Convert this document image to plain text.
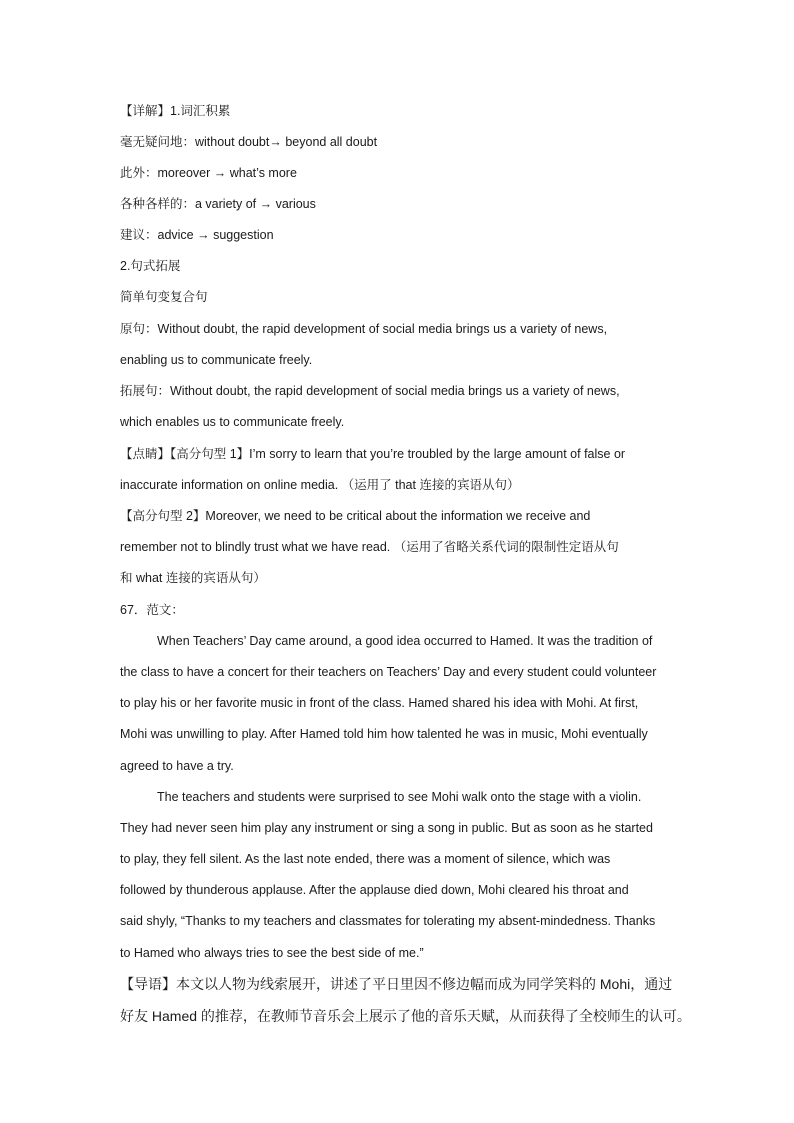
【详解】1.词汇积累
毫无疑问地：without doubt→ beyond all doubt
此外：moreover → what’s more
各种各样的：a variety of → various
建议：advice → suggestion
2.句式拓展
简单句变复合句
原句：Without doubt, the rapid development of social media brings us a variety of news,
enabling us to communicate freely.
拓展句：Without doubt, the rapid development of social media brings us a variety of news,
which enables us to communicate freely.
【点睛】【高分句型 1】I’m sorry to learn that you’re troubled by the large amount of false or
inaccurate information on online media. （运用了 that 连接的宾语从句）
【高分句型 2】Moreover, we need to be critical about the information we receive and
remember not to blindly trust what we have read. （运用了省略关系代词的限制性定语从句
和 what 连接的宾语从句）
67．范文：
When Teachers’ Day came around, a good idea occurred to Hamed. It was the tradition of
the class to have a concert for their teachers on Teachers’ Day and every student could volunteer
to play his or her favorite music in front of the class. Hamed shared his idea with Mohi. At first,
Mohi was unwilling to play. After Hamed told him how talented he was in music, Mohi eventually
agreed to have a try.
The teachers and students were surprised to see Mohi walk onto the stage with a violin.
They had never seen him play any instrument or sing a song in public. But as soon as he started
to play, they fell silent. As the last note ended, there was a moment of silence, which was
followed by thunderous applause. After the applause died down, Mohi cleared his throat and
said shyly, “Thanks to my teachers and classmates for tolerating my absent-mindedness. Thanks
to Hamed who always tries to see the best side of me.”
【导语】本文以人物为线索展开，讲述了平日里因不修边幅而成为同学笑料的 Mohi，通过
好友 Hamed 的推荐，在教师节音乐会上展示了他的音乐天赋，从而获得了全校师生的认可。
